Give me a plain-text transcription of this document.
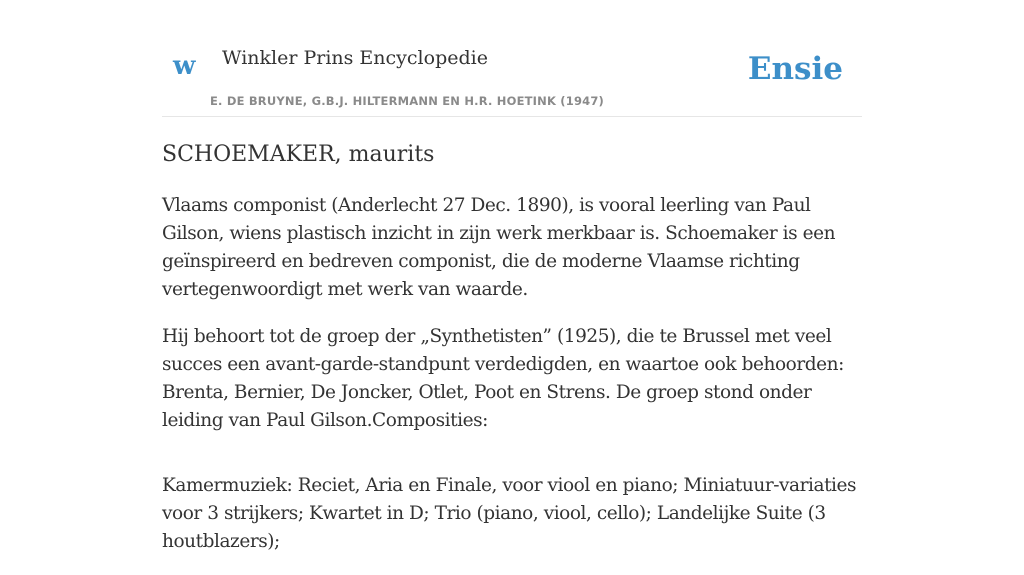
w Winkler Prins Encyclopedie
E. DE BRUYNE, G.B.J. HILTERMANN EN H.R. HOETINK (1947)
Ensie
SCHOEMAKER, maurits

Vlaams componist (Anderlecht 27 Dec. 1890), is vooral leerling van Paul Gilson, wiens plastisch inzicht in zijn werk merkbaar is. Schoemaker is een geïnspireerd en bedreven componist, die de moderne Vlaamse richting vertegenwoordigt met werk van waarde.

Hij behoort tot de groep der „Synthetisten” (1925), die te Brussel met veel succes een avant-garde-standpunt verdedigden, en waartoe ook behoorden: Brenta, Bernier, De Joncker, Otlet, Poot en Strens. De groep stond onder leiding van Paul Gilson.Composities:

Kamermuziek: Reciet, Aria en Finale, voor viool en piano; Miniatuur-variaties voor 3 strijkers; Kwartet in D; Trio (piano, viool, cello); Landelijke Suite (3 houtblazers);
